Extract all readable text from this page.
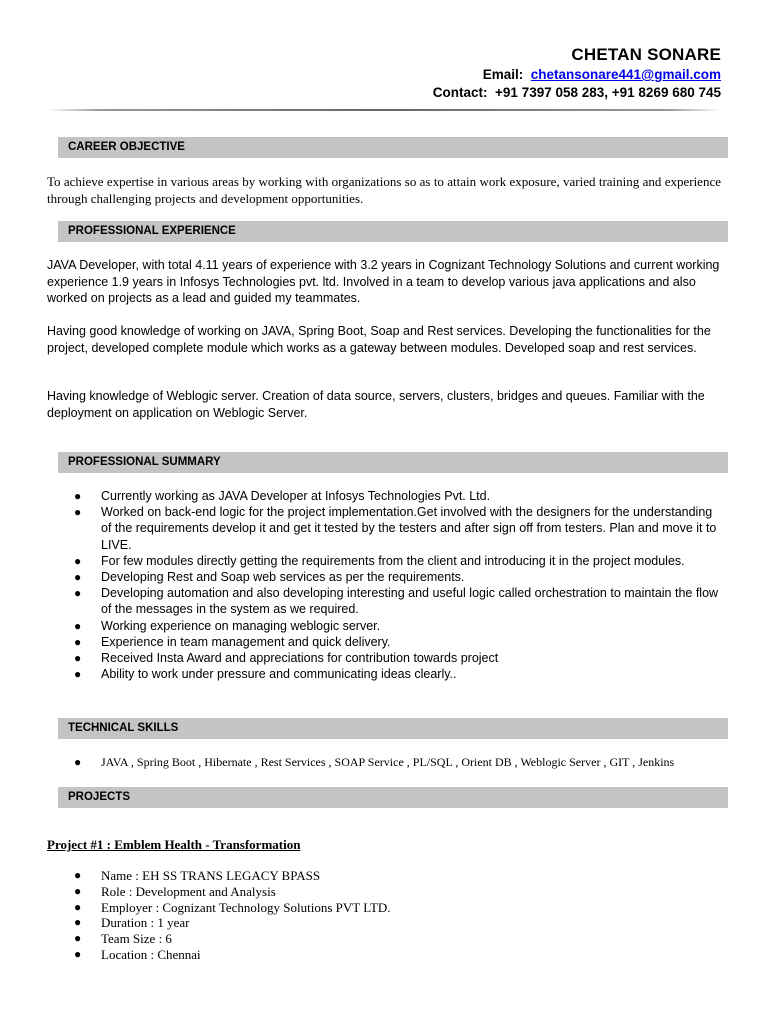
CHETAN SONARE
Email: chetansonare441@gmail.com
Contact: +91 7397 058 283, +91 8269 680 745
CAREER OBJECTIVE
To achieve expertise in various areas by working with organizations so as to attain work exposure, varied training and experience through challenging projects and development opportunities.
PROFESSIONAL EXPERIENCE
JAVA Developer, with total 4.11 years of experience with 3.2 years in Cognizant Technology Solutions and current working experience 1.9 years in Infosys Technologies pvt. ltd. Involved in a team to develop various java applications and also worked on projects as a lead and guided my teammates.
Having good knowledge of working on JAVA, Spring Boot, Soap and Rest services. Developing the functionalities for the project, developed complete module which works as a gateway between modules. Developed soap and rest services.
Having knowledge of Weblogic server. Creation of data source, servers, clusters, bridges and queues. Familiar with the deployment on application on Weblogic Server.
PROFESSIONAL SUMMARY
● Currently working as JAVA Developer at Infosys Technologies Pvt. Ltd.
● Worked on back-end logic for the project implementation.Get involved with the designers for the understanding of the requirements develop it and get it tested by the testers and after sign off from testers. Plan and move it to LIVE.
● For few modules directly getting the requirements from the client and introducing it in the project modules.
● Developing Rest and Soap web services as per the requirements.
● Developing automation and also developing interesting and useful logic called orchestration to maintain the flow of the messages in the system as we required.
● Working experience on managing weblogic server.
● Experience in team management and quick delivery.
● Received Insta Award and appreciations for contribution towards project
● Ability to work under pressure and communicating ideas clearly..
TECHNICAL SKILLS
● JAVA , Spring Boot , Hibernate , Rest Services , SOAP Service , PL/SQL , Orient DB , Weblogic Server , GIT , Jenkins
PROJECTS
Project #1 : Emblem Health - Transformation
● Name : EH SS TRANS LEGACY BPASS
● Role : Development and Analysis
● Employer : Cognizant Technology Solutions PVT LTD.
● Duration : 1 year
● Team Size : 6
● Location : Chennai
